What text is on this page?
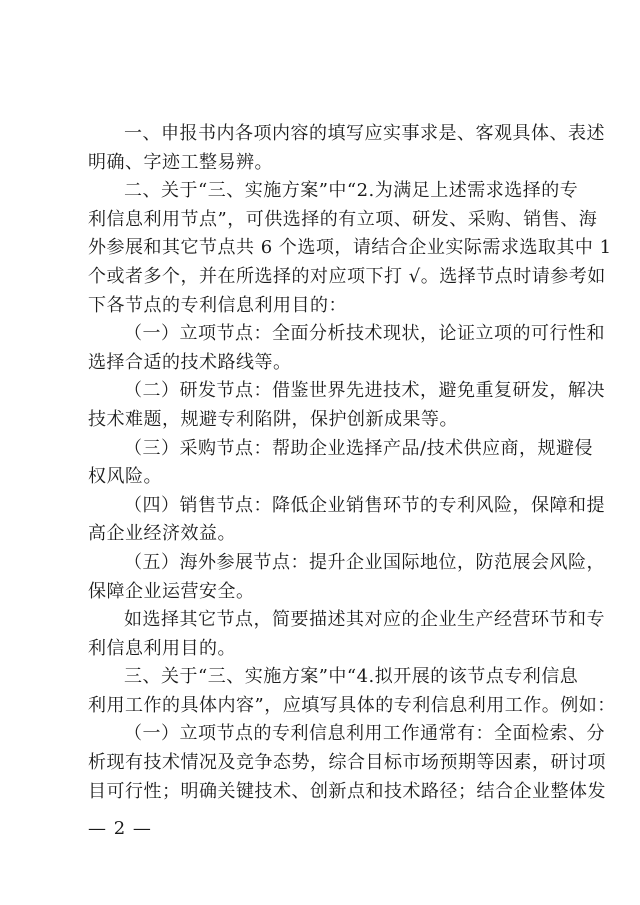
一、申报书内各项内容的填写应实事求是、客观具体、表述
明确、字迹工整易辨。
二、关于“三、实施方案”中“2.为满足上述需求选择的专
利信息利用节点”，可供选择的有立项、研发、采购、销售、海
外参展和其它节点共 6 个选项，请结合企业实际需求选取其中 1
个或者多个，并在所选择的对应项下打 √。选择节点时请参考如
下各节点的专利信息利用目的：
（一）立项节点：全面分析技术现状，论证立项的可行性和
选择合适的技术路线等。
（二）研发节点：借鉴世界先进技术，避免重复研发，解决
技术难题，规避专利陷阱，保护创新成果等。
（三）采购节点：帮助企业选择产品/技术供应商，规避侵
权风险。
（四）销售节点：降低企业销售环节的专利风险，保障和提
高企业经济效益。
（五）海外参展节点：提升企业国际地位，防范展会风险，
保障企业运营安全。
如选择其它节点，简要描述其对应的企业生产经营环节和专
利信息利用目的。
三、关于“三、实施方案”中“4.拟开展的该节点专利信息
利用工作的具体内容”，应填写具体的专利信息利用工作。例如：
（一）立项节点的专利信息利用工作通常有：全面检索、分
析现有技术情况及竞争态势，综合目标市场预期等因素，研讨项
目可行性；明确关键技术、创新点和技术路径；结合企业整体发
— 2 —
